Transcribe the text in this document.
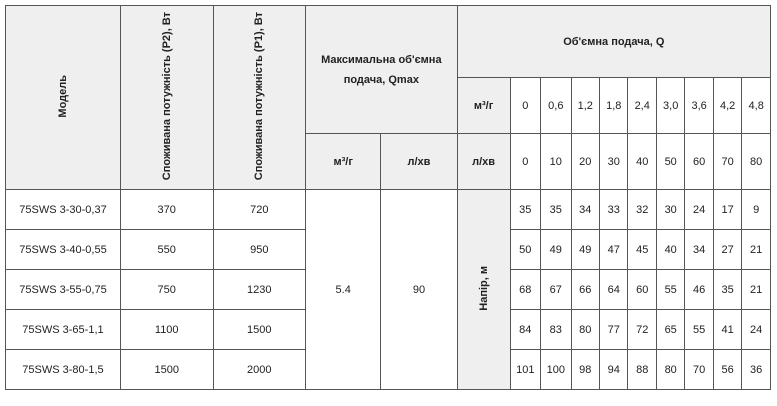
Модель	Споживана потужність (P2), Вт	Споживана потужність (P1), Вт	Максимальна об'ємна подача, Qmax		Об'ємна подача, Q									
					м³/г	0	0,6	1,2	1,8	2,4	3,0	3,6	4,2	4,8
			м³/г	л/хв	л/хв	0	10	20	30	40	50	60	70	80
75SWS 3-30-0,37	370	720	5.4	90	Напір, м	35	35	34	33	32	30	24	17	9
75SWS 3-40-0,55	550	950				50	49	49	47	45	40	34	27	21
75SWS 3-55-0,75	750	1230				68	67	66	64	60	55	46	35	21
75SWS 3-65-1,1	1100	1500				84	83	80	77	72	65	55	41	24
75SWS 3-80-1,5	1500	2000				101	100	98	94	88	80	70	56	36
